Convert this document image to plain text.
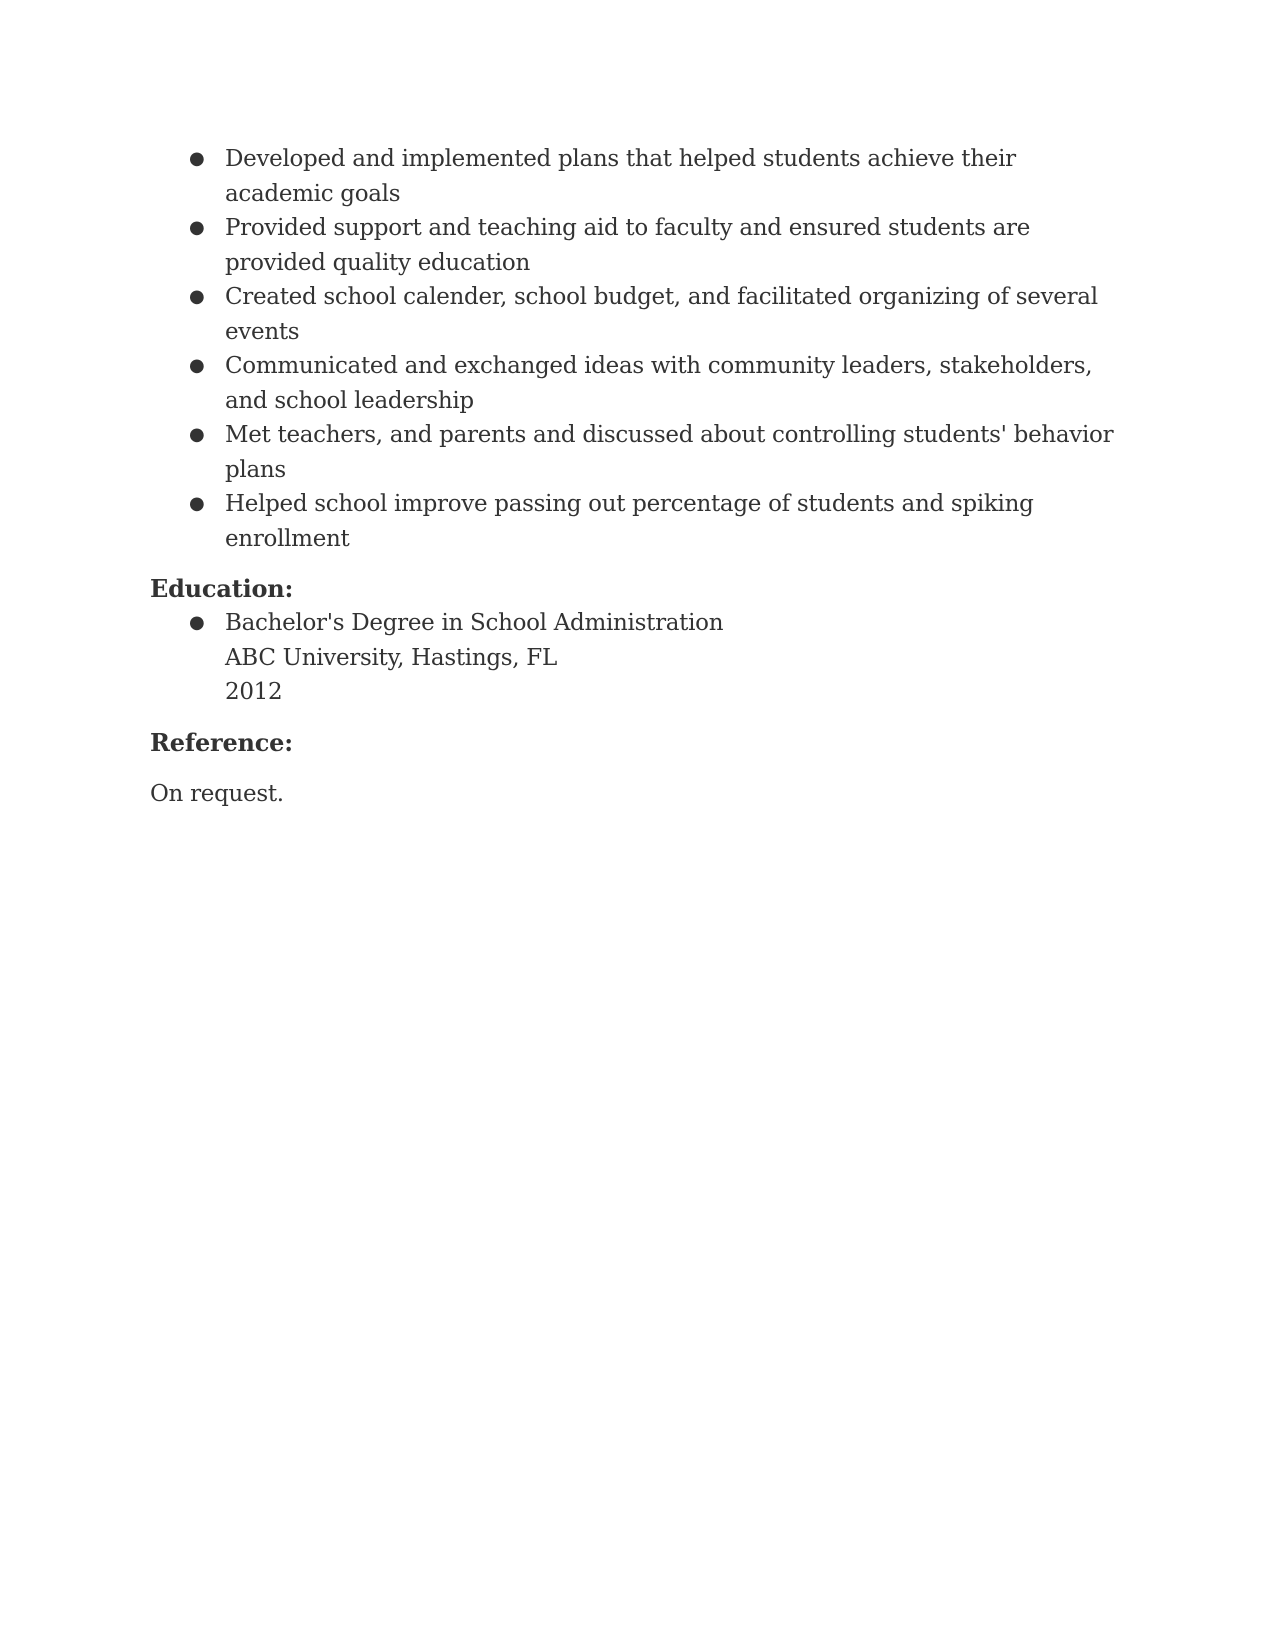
● Developed and implemented plans that helped students achieve their academic goals
● Provided support and teaching aid to faculty and ensured students are provided quality education
● Created school calender, school budget, and facilitated organizing of several events
● Communicated and exchanged ideas with community leaders, stakeholders, and school leadership
● Met teachers, and parents and discussed about controlling students' behavior plans
● Helped school improve passing out percentage of students and spiking enrollment
Education:
● Bachelor's Degree in School Administration
ABC University, Hastings, FL
2012
Reference:
On request.
